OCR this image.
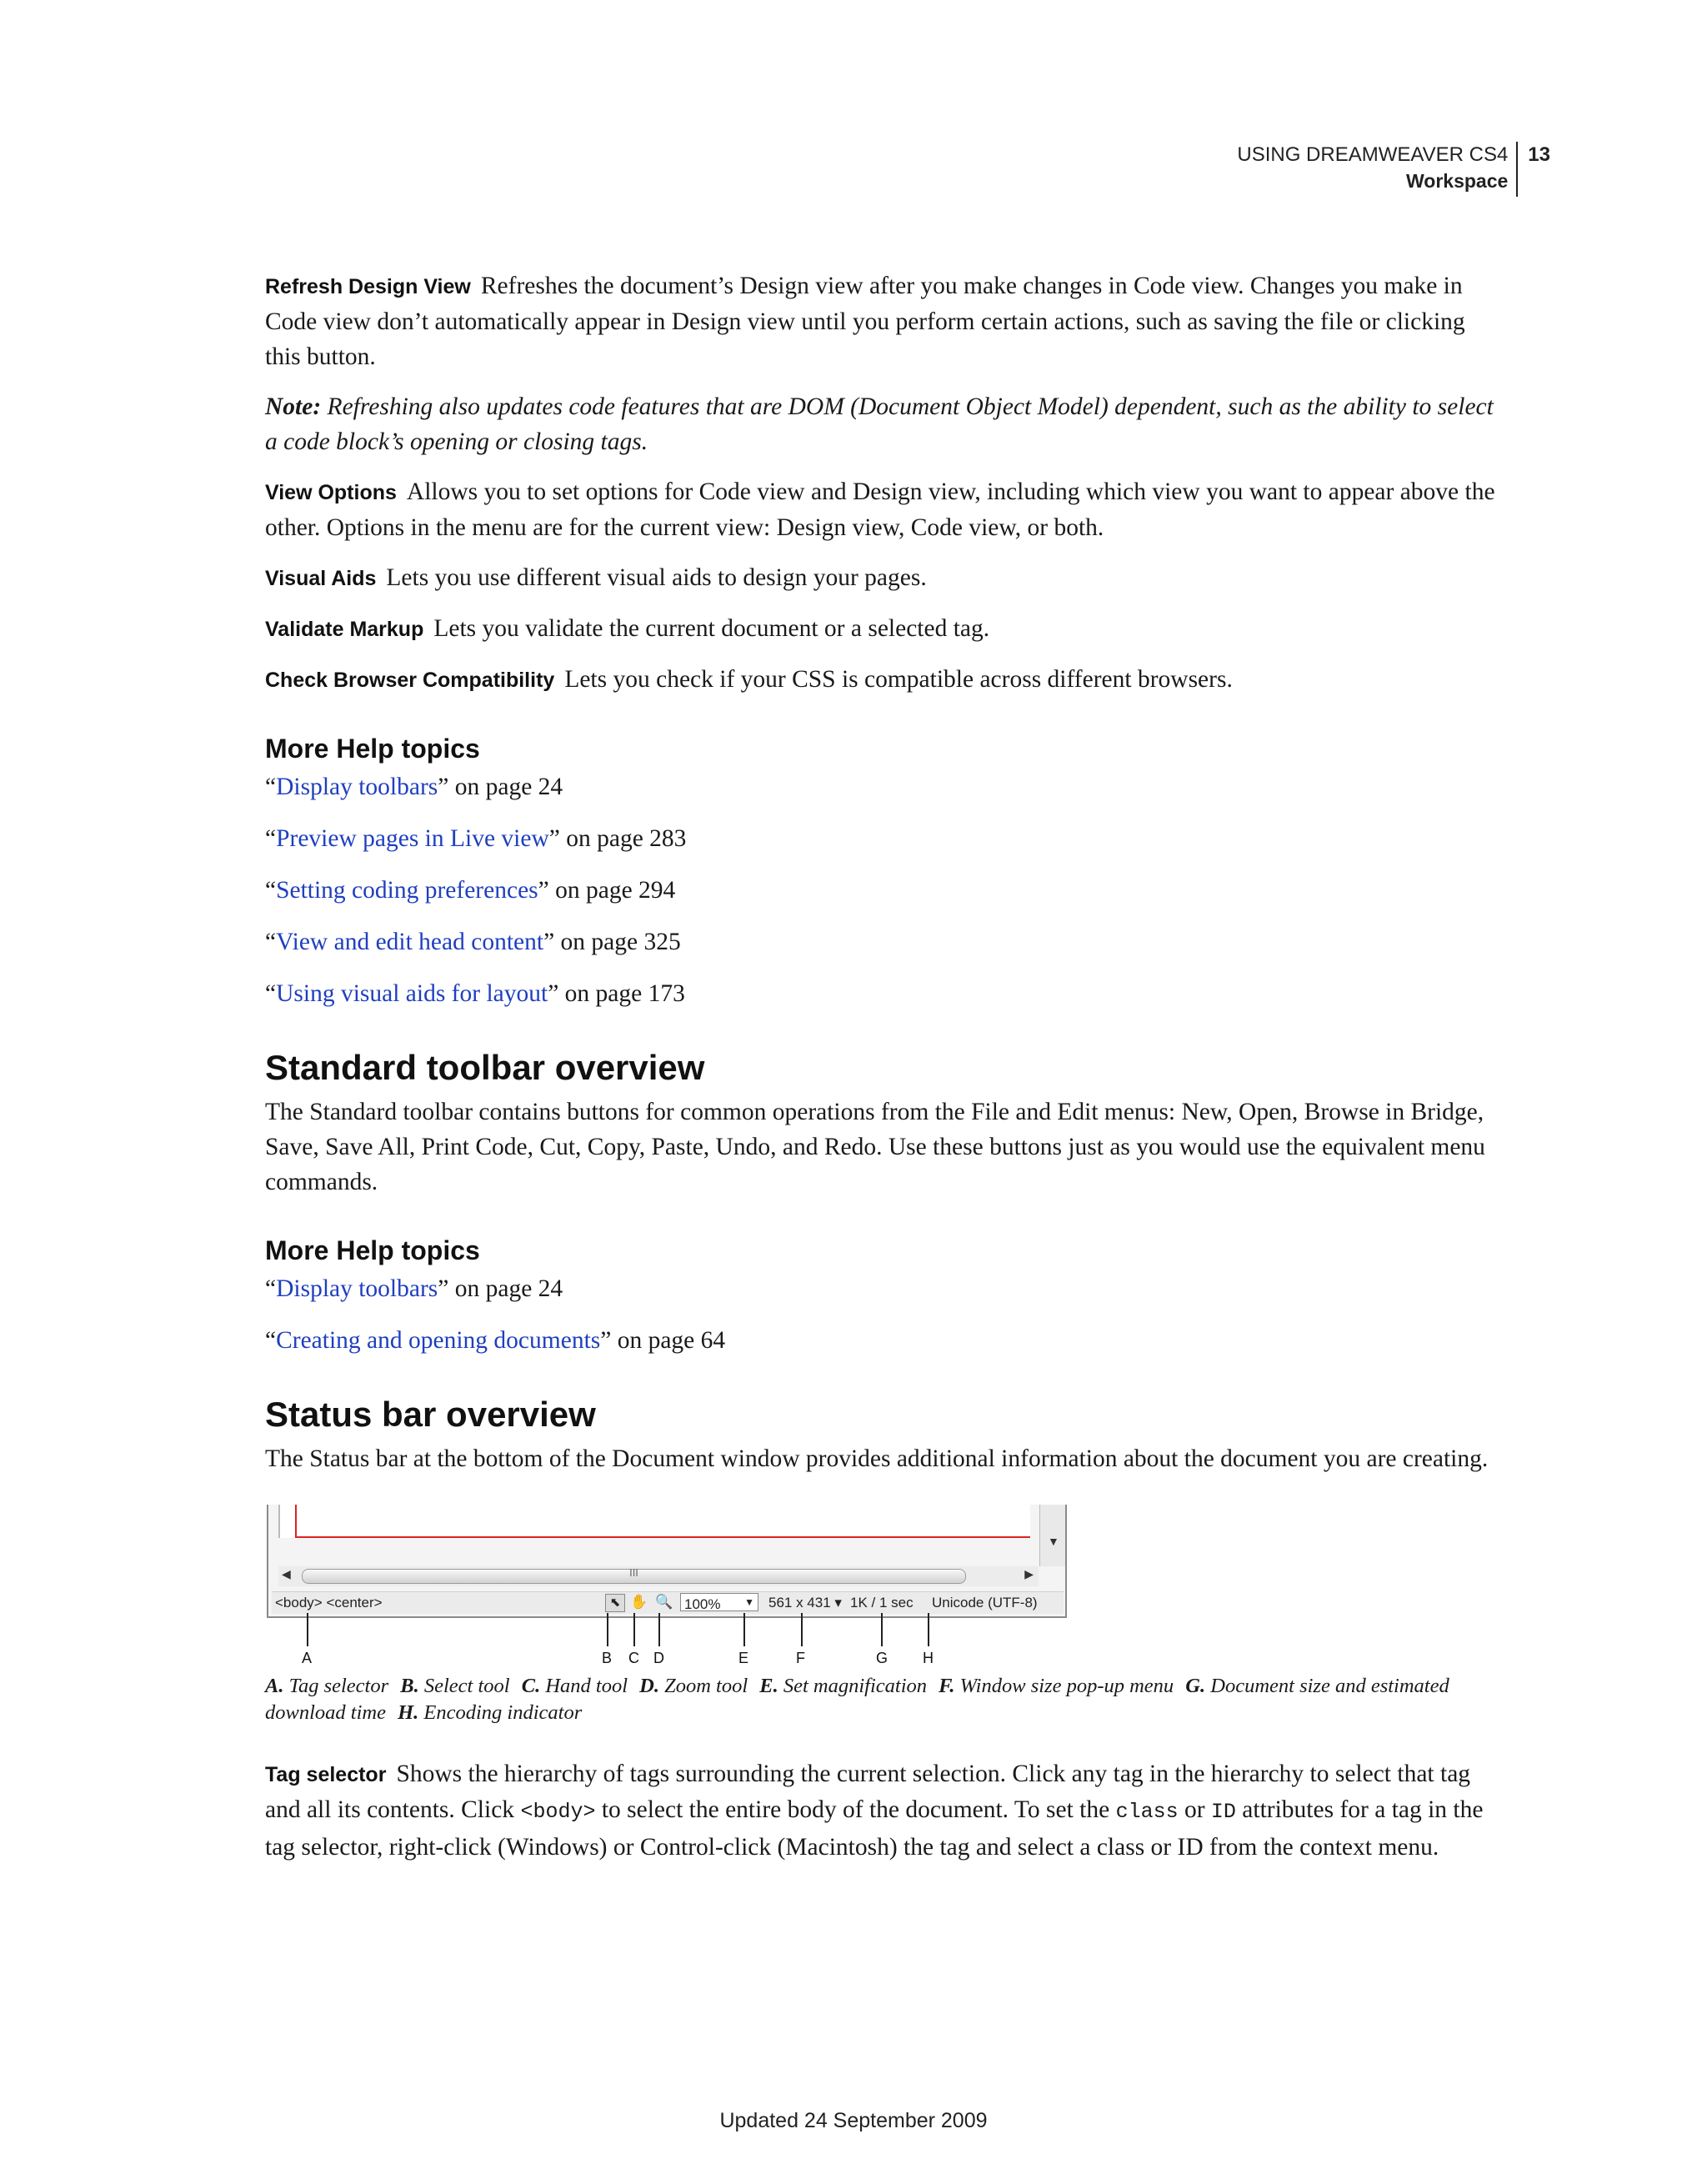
USING DREAMWEAVER CS4
Workspace
13

Refresh Design View Refreshes the document’s Design view after you make changes in Code view. Changes you make in Code view don’t automatically appear in Design view until you perform certain actions, such as saving the file or clicking this button.

Note: Refreshing also updates code features that are DOM (Document Object Model) dependent, such as the ability to select a code block’s opening or closing tags.

View Options Allows you to set options for Code view and Design view, including which view you want to appear above the other. Options in the menu are for the current view: Design view, Code view, or both.

Visual Aids Lets you use different visual aids to design your pages.

Validate Markup Lets you validate the current document or a selected tag.

Check Browser Compatibility Lets you check if your CSS is compatible across different browsers.

More Help topics
“Display toolbars” on page 24
“Preview pages in Live view” on page 283
“Setting coding preferences” on page 294
“View and edit head content” on page 325
“Using visual aids for layout” on page 173
Standard toolbar overview

The Standard toolbar contains buttons for common operations from the File and Edit menus: New, Open, Browse in Bridge, Save, Save All, Print Code, Cut, Copy, Paste, Undo, and Redo. Use these buttons just as you would use the equivalent menu commands.

More Help topics
“Display toolbars” on page 24
“Creating and opening documents” on page 64
Status bar overview

The Status bar at the bottom of the Document window provides additional information about the document you are creating.

▼
◀	III	▶
<body> <center>	⬉ ✋ 🔍 100% ▼ 561 x 431 ▾ 1K / 1 sec Unicode (UTF-8)
A	B C D	E	F	G H

A. Tag selector B. Select tool C. Hand tool D. Zoom tool E. Set magnification F. Window size pop-up menu G. Document size and estimated download time H. Encoding indicator

Tag selector Shows the hierarchy of tags surrounding the current selection. Click any tag in the hierarchy to select that tag and all its contents. Click <body> to select the entire body of the document. To set the class or ID attributes for a tag in the tag selector, right-click (Windows) or Control-click (Macintosh) the tag and select a class or ID from the context menu.

Updated 24 September 2009
